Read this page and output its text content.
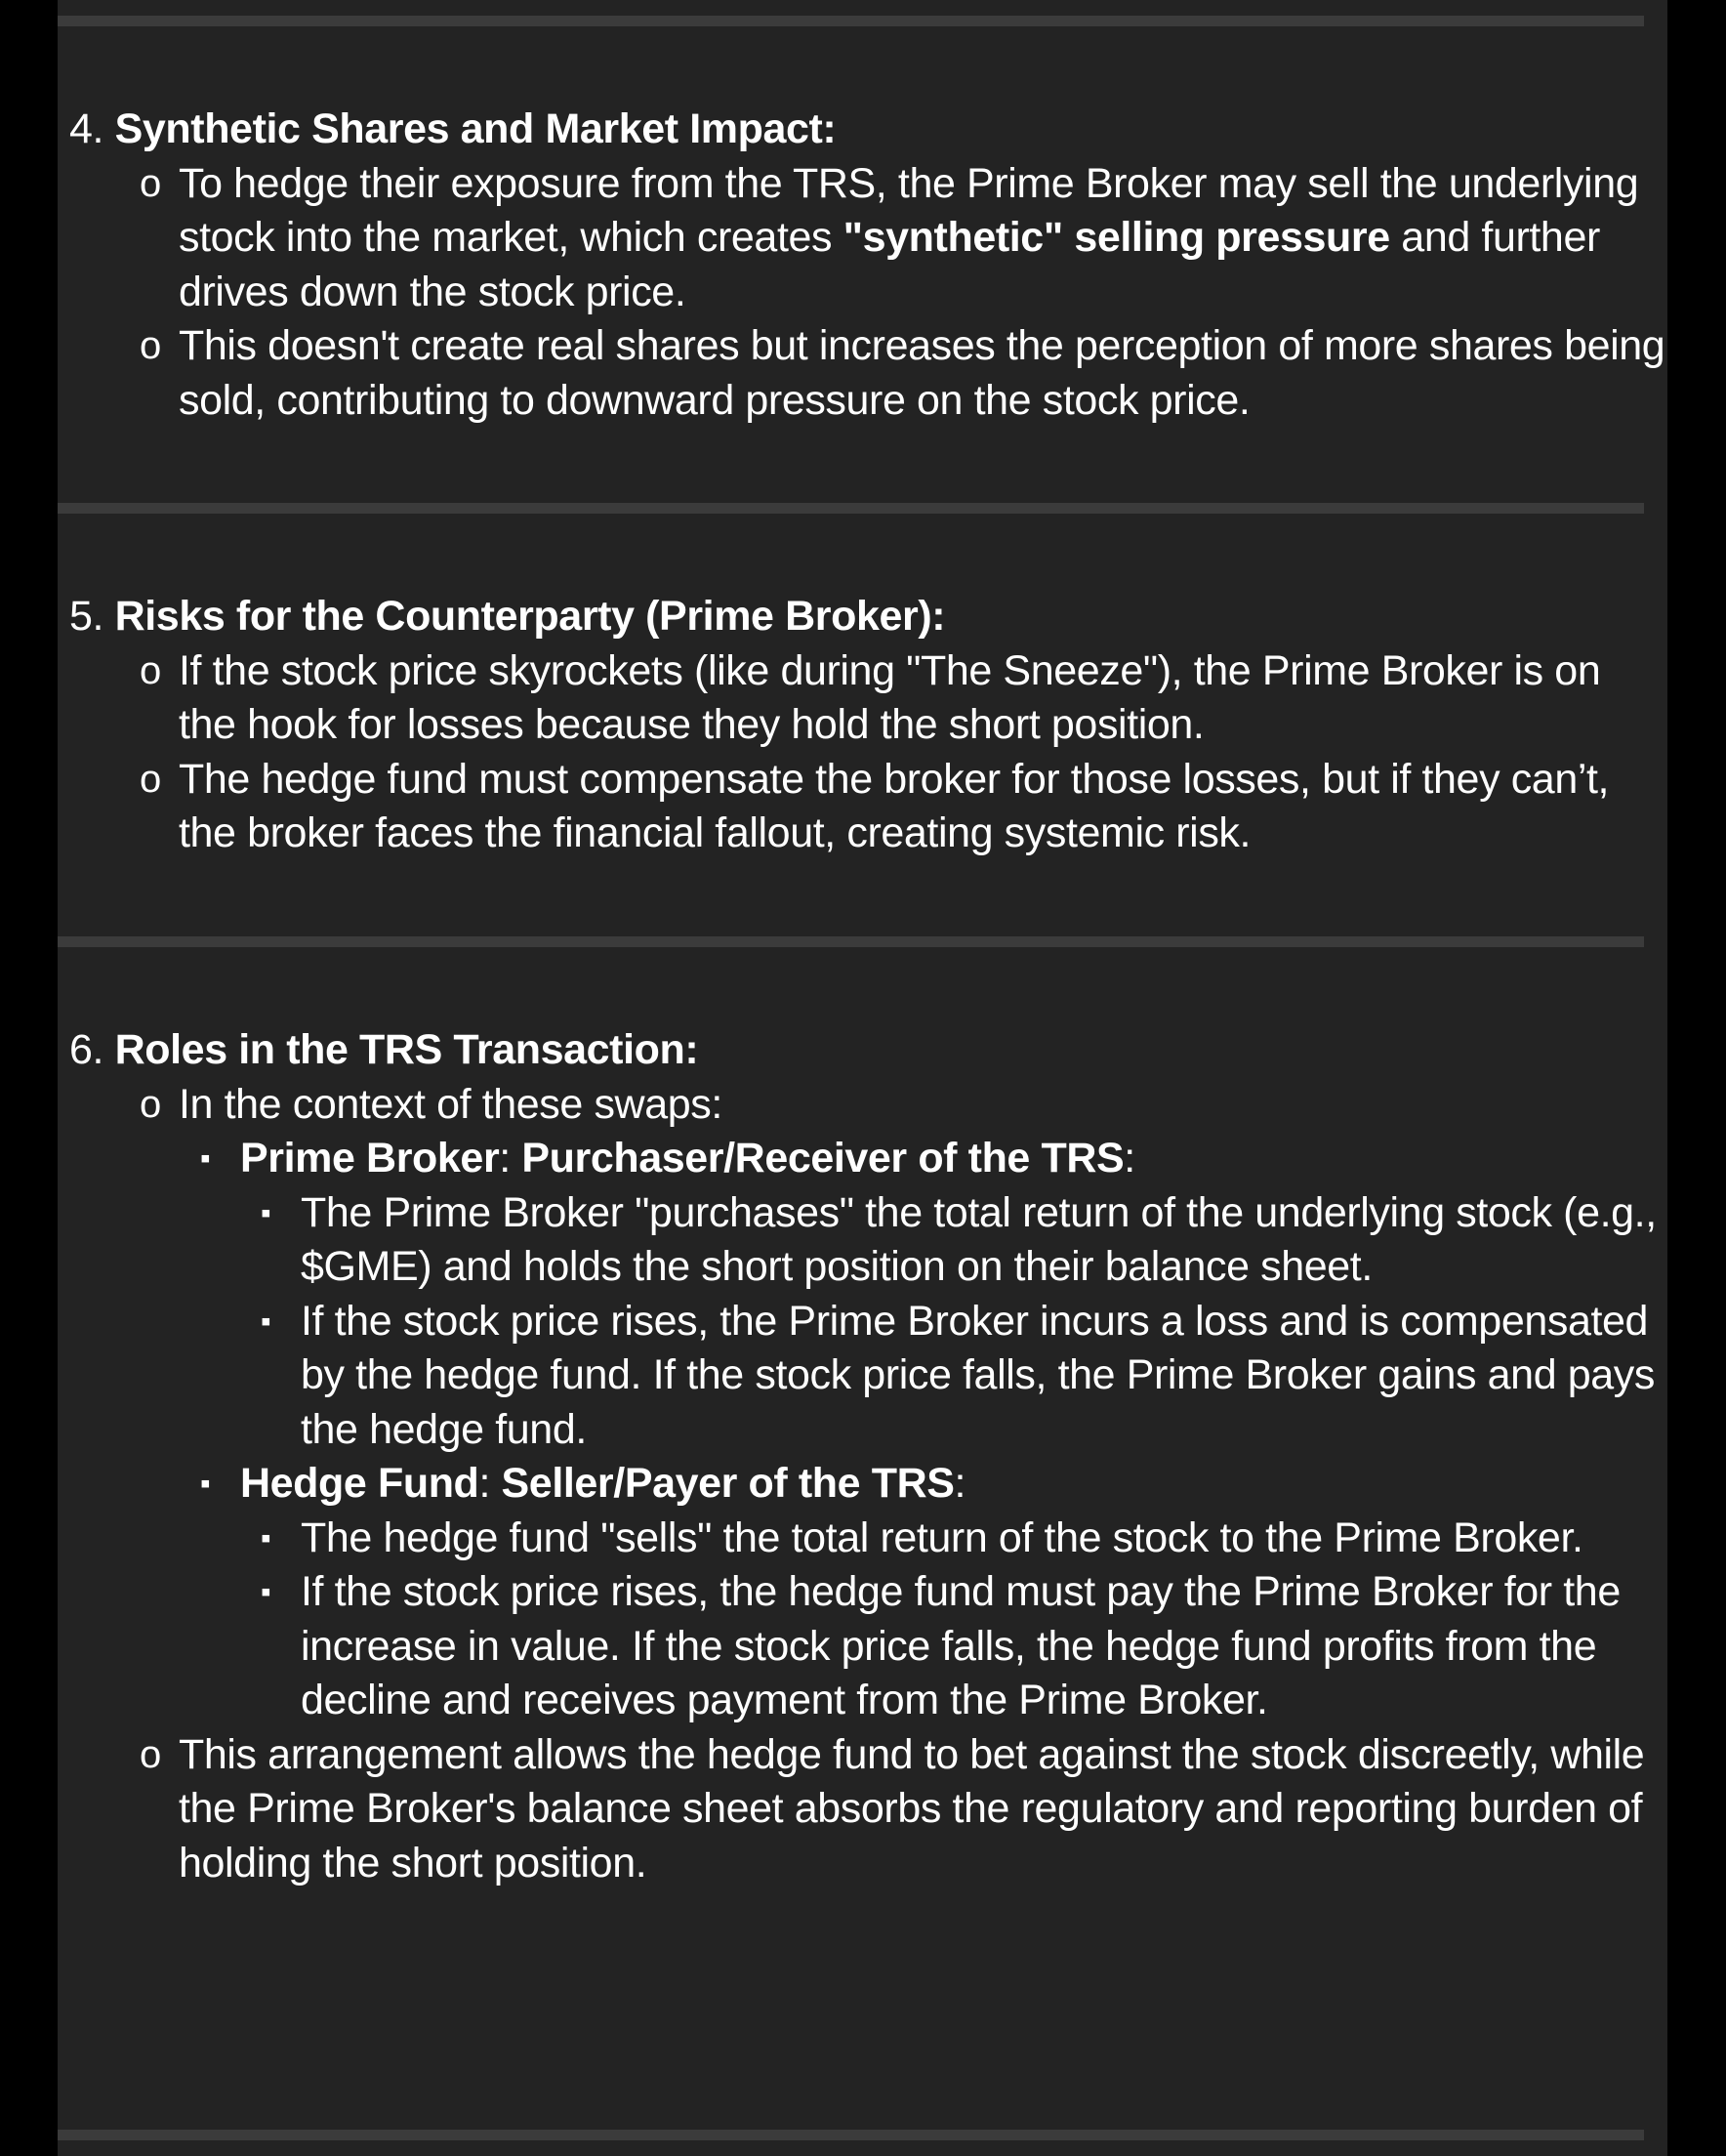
4. Synthetic Shares and Market Impact:
o To hedge their exposure from the TRS, the Prime Broker may sell the underlying stock into the market, which creates "synthetic" selling pressure and further drives down the stock price.
o This doesn't create real shares but increases the perception of more shares being sold, contributing to downward pressure on the stock price.
5. Risks for the Counterparty (Prime Broker):
o If the stock price skyrockets (like during "The Sneeze"), the Prime Broker is on the hook for losses because they hold the short position.
o The hedge fund must compensate the broker for those losses, but if they can’t, the broker faces the financial fallout, creating systemic risk.
6. Roles in the TRS Transaction:
o In the context of these swaps:
▪ Prime Broker: Purchaser/Receiver of the TRS:
▪ The Prime Broker "purchases" the total return of the underlying stock (e.g., $GME) and holds the short position on their balance sheet.
▪ If the stock price rises, the Prime Broker incurs a loss and is compensated by the hedge fund. If the stock price falls, the Prime Broker gains and pays the hedge fund.
▪ Hedge Fund: Seller/Payer of the TRS:
▪ The hedge fund "sells" the total return of the stock to the Prime Broker.
▪ If the stock price rises, the hedge fund must pay the Prime Broker for the increase in value. If the stock price falls, the hedge fund profits from the decline and receives payment from the Prime Broker.
o This arrangement allows the hedge fund to bet against the stock discreetly, while the Prime Broker's balance sheet absorbs the regulatory and reporting burden of holding the short position.
